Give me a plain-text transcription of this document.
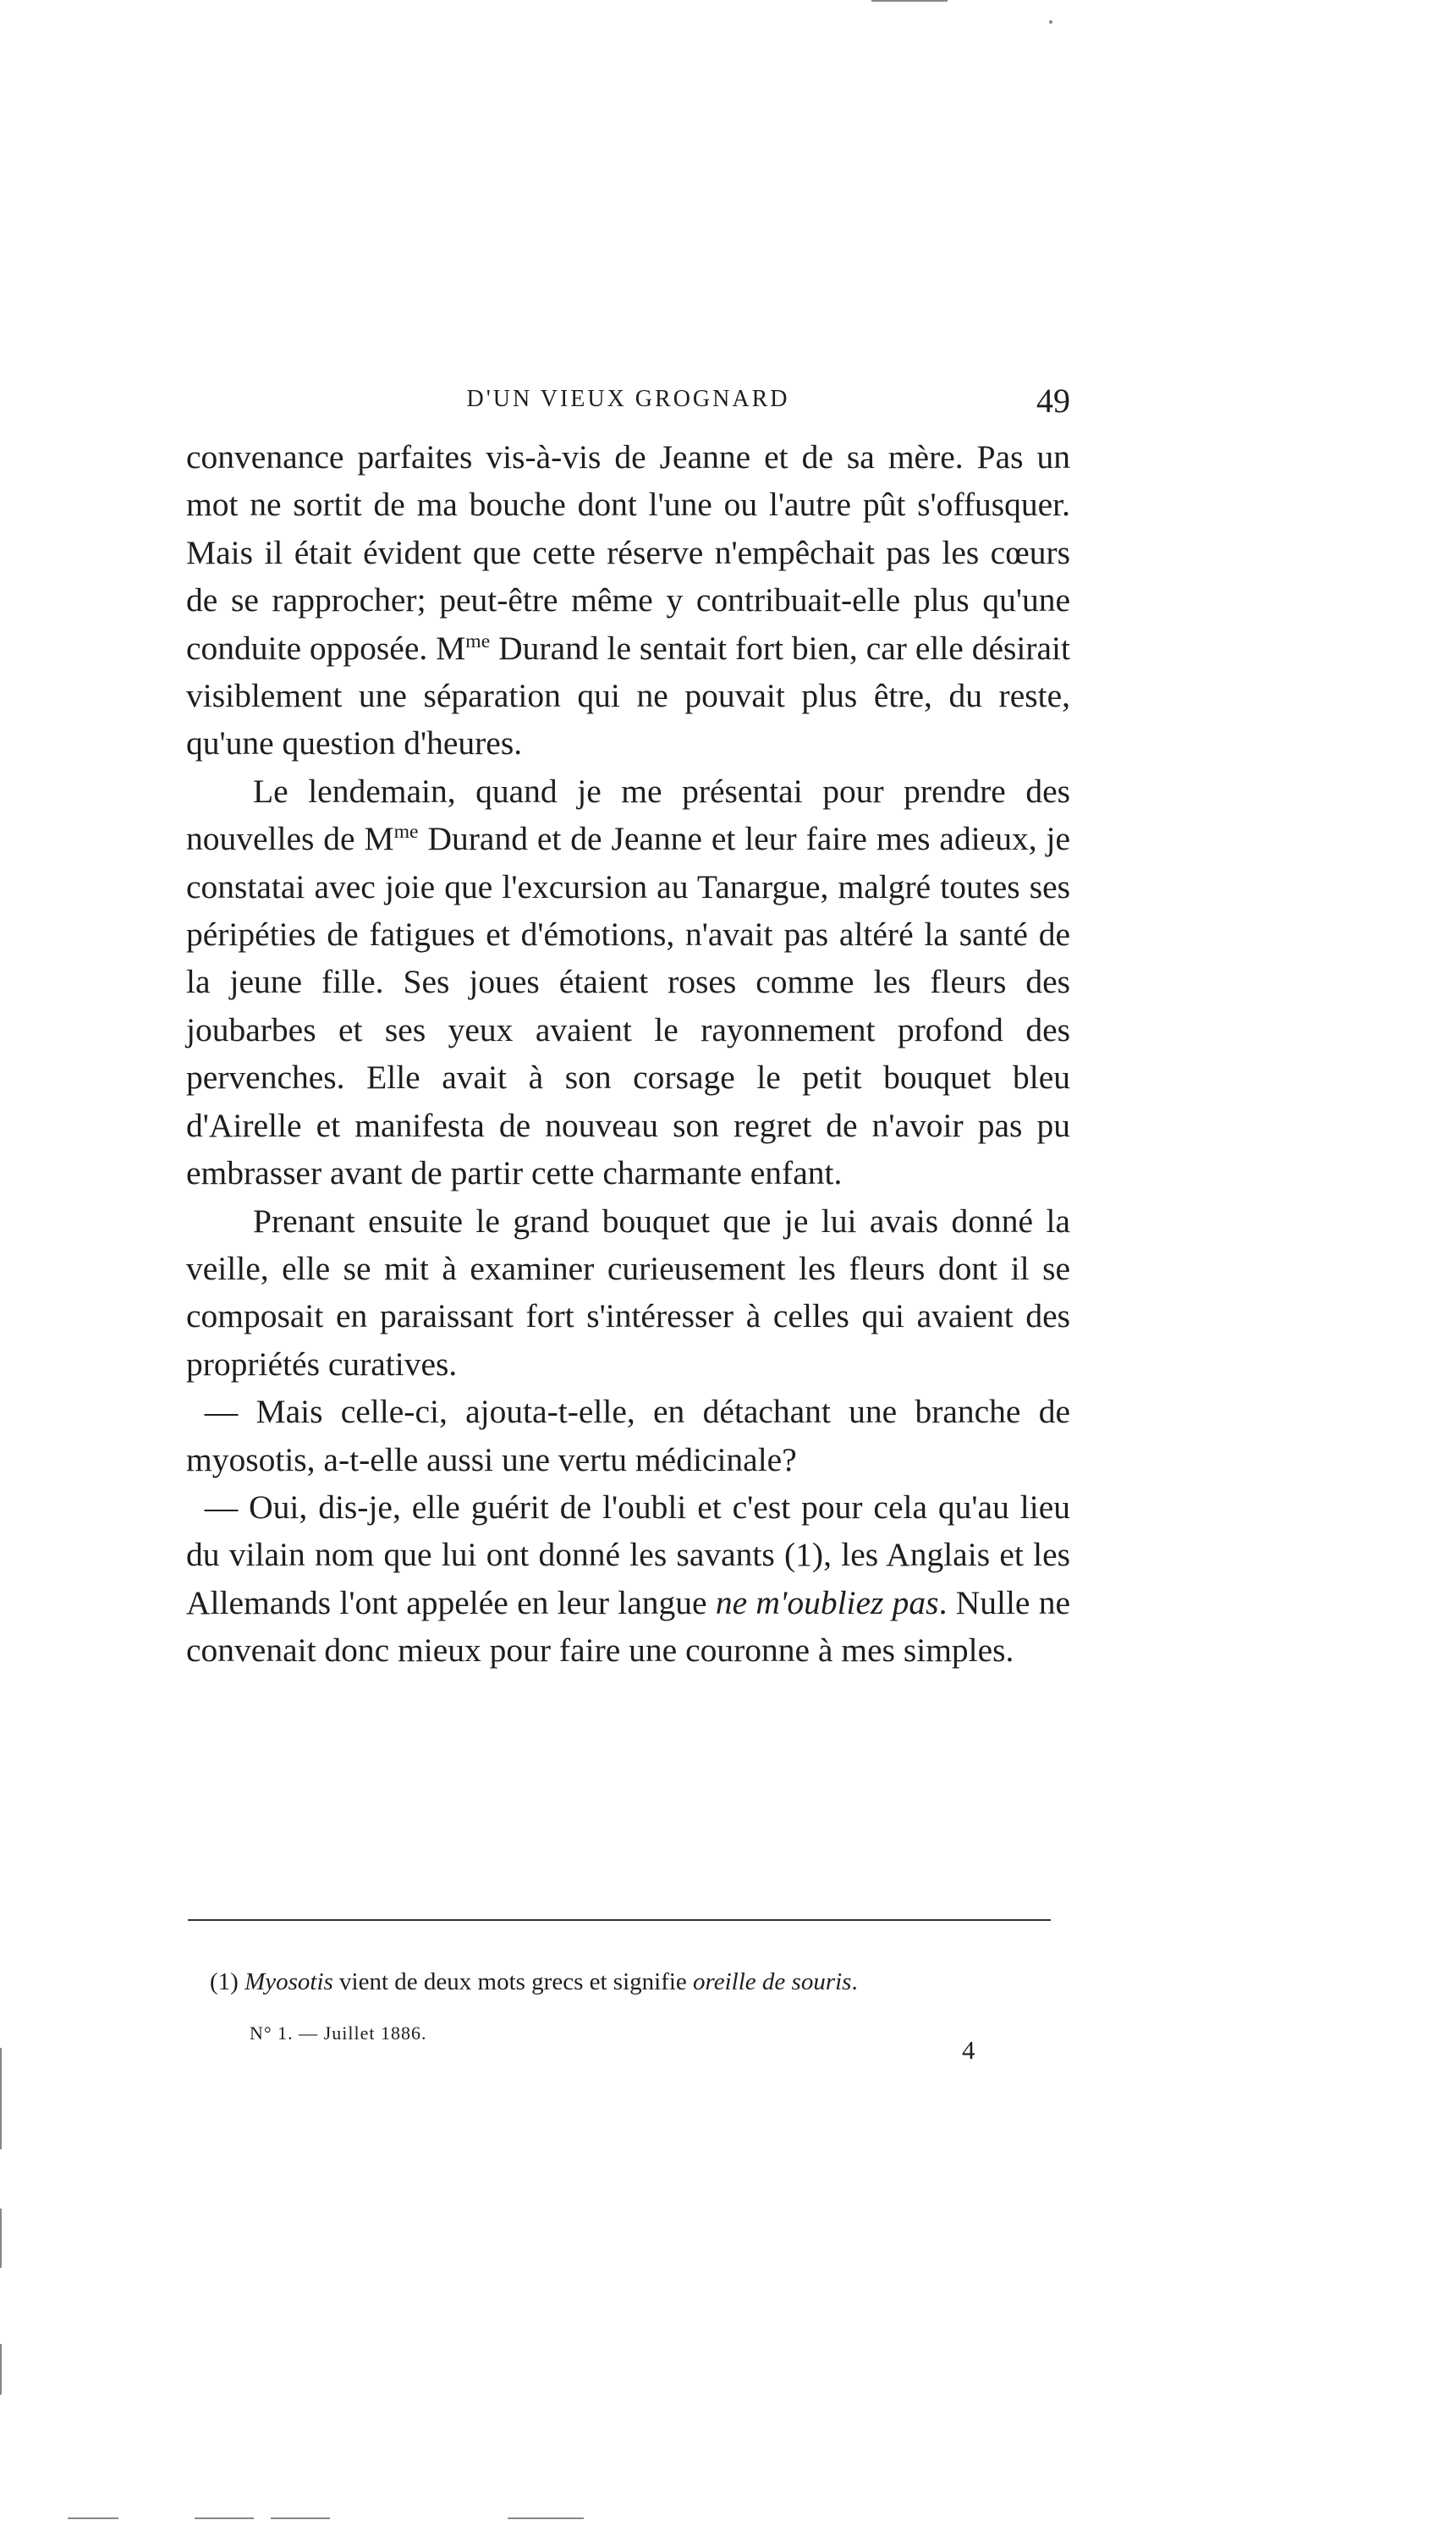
D'UN VIEUX GROGNARD	49

convenance parfaites vis-à-vis de Jeanne et de sa mère. Pas un mot ne sortit de ma bouche dont l'une ou l'autre pût s'offusquer. Mais il était évident que cette réserve n'empêchait pas les cœurs de se rapprocher; peut-être même y contribuait-elle plus qu'une conduite opposée. $M^{me}$ Durand le sentait fort bien, car elle désirait visiblement une séparation qui ne pouvait plus être, du reste, qu'une question d'heures.

Le lendemain, quand je me présentai pour prendre des nouvelles de $M^{me}$ Durand et de Jeanne et leur faire mes adieux, je constatai avec joie que l'excursion au Tanargue, malgré toutes ses péripéties de fatigues et d'émotions, n'avait pas altéré la santé de la jeune fille. Ses joues étaient roses comme les fleurs des joubarbes et ses yeux avaient le rayonnement profond des pervenches. Elle avait à son corsage le petit bouquet bleu d'Airelle et manifesta de nouveau son regret de n'avoir pas pu embrasser avant de partir cette charmante enfant.

Prenant ensuite le grand bouquet que je lui avais donné la veille, elle se mit à examiner curieusement les fleurs dont il se composait en paraissant fort s'intéresser à celles qui avaient des propriétés curatives.

— Mais celle-ci, ajouta-t-elle, en détachant une branche de myosotis, a-t-elle aussi une vertu médicinale?

— Oui, dis-je, elle guérit de l'oubli et c'est pour cela qu'au lieu du vilain nom que lui ont donné les savants (1), les Anglais et les Allemands l'ont appelée en leur langue ne m'oubliez pas. Nulle ne convenait donc mieux pour faire une couronne à mes simples.

(1) Myosotis vient de deux mots grecs et signifie oreille de souris.
N° 1. — Juillet 1886.
4
